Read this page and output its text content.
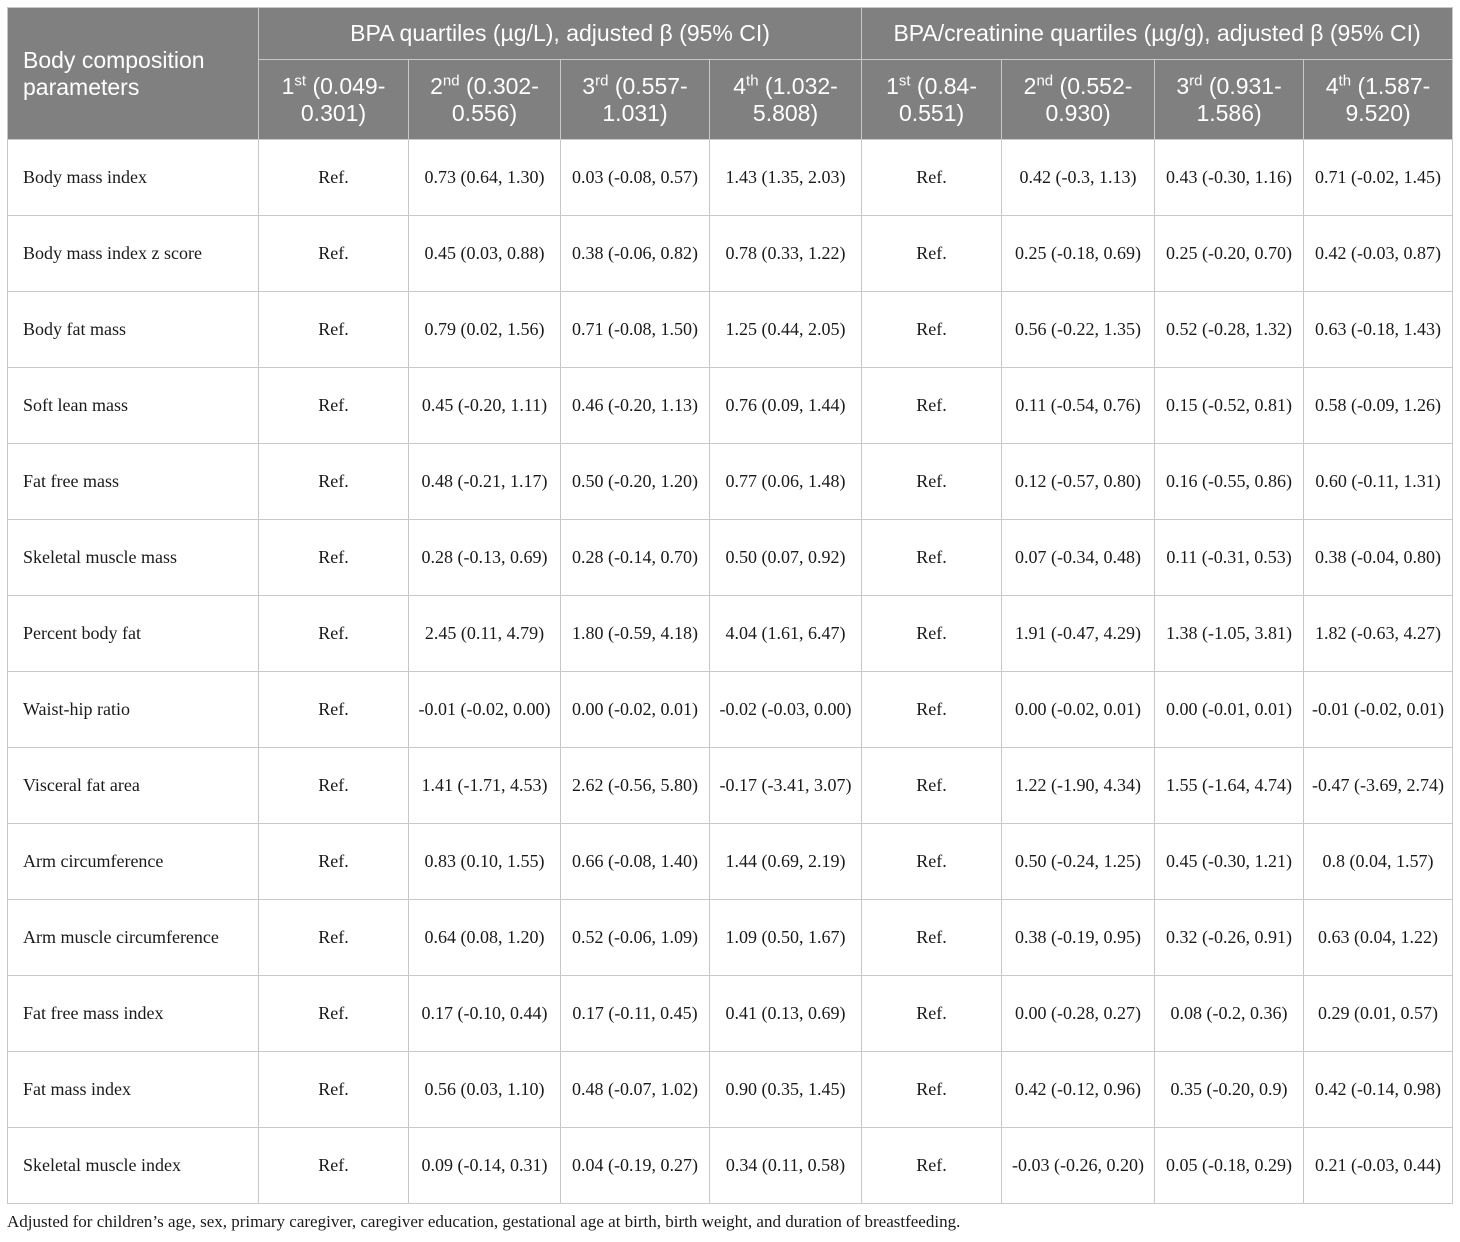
Body composition parameters	BPA quartiles (µg/L), adjusted β (95% CI)				BPA/creatinine quartiles (µg/g), adjusted β (95% CI)			
	1st (0.049-0.301)	2nd (0.302-0.556)	3rd (0.557-1.031)	4th (1.032-5.808)	1st (0.84-0.551)	2nd (0.552-0.930)	3rd (0.931-1.586)	4th (1.587-9.520)
Body mass index	Ref.	0.73 (0.64, 1.30)	0.03 (-0.08, 0.57)	1.43 (1.35, 2.03)	Ref.	0.42 (-0.3, 1.13)	0.43 (-0.30, 1.16)	0.71 (-0.02, 1.45)
Body mass index z score	Ref.	0.45 (0.03, 0.88)	0.38 (-0.06, 0.82)	0.78 (0.33, 1.22)	Ref.	0.25 (-0.18, 0.69)	0.25 (-0.20, 0.70)	0.42 (-0.03, 0.87)
Body fat mass	Ref.	0.79 (0.02, 1.56)	0.71 (-0.08, 1.50)	1.25 (0.44, 2.05)	Ref.	0.56 (-0.22, 1.35)	0.52 (-0.28, 1.32)	0.63 (-0.18, 1.43)
Soft lean mass	Ref.	0.45 (-0.20, 1.11)	0.46 (-0.20, 1.13)	0.76 (0.09, 1.44)	Ref.	0.11 (-0.54, 0.76)	0.15 (-0.52, 0.81)	0.58 (-0.09, 1.26)
Fat free mass	Ref.	0.48 (-0.21, 1.17)	0.50 (-0.20, 1.20)	0.77 (0.06, 1.48)	Ref.	0.12 (-0.57, 0.80)	0.16 (-0.55, 0.86)	0.60 (-0.11, 1.31)
Skeletal muscle mass	Ref.	0.28 (-0.13, 0.69)	0.28 (-0.14, 0.70)	0.50 (0.07, 0.92)	Ref.	0.07 (-0.34, 0.48)	0.11 (-0.31, 0.53)	0.38 (-0.04, 0.80)
Percent body fat	Ref.	2.45 (0.11, 4.79)	1.80 (-0.59, 4.18)	4.04 (1.61, 6.47)	Ref.	1.91 (-0.47, 4.29)	1.38 (-1.05, 3.81)	1.82 (-0.63, 4.27)
Waist-hip ratio	Ref.	-0.01 (-0.02, 0.00)	0.00 (-0.02, 0.01)	-0.02 (-0.03, 0.00)	Ref.	0.00 (-0.02, 0.01)	0.00 (-0.01, 0.01)	-0.01 (-0.02, 0.01)
Visceral fat area	Ref.	1.41 (-1.71, 4.53)	2.62 (-0.56, 5.80)	-0.17 (-3.41, 3.07)	Ref.	1.22 (-1.90, 4.34)	1.55 (-1.64, 4.74)	-0.47 (-3.69, 2.74)
Arm circumference	Ref.	0.83 (0.10, 1.55)	0.66 (-0.08, 1.40)	1.44 (0.69, 2.19)	Ref.	0.50 (-0.24, 1.25)	0.45 (-0.30, 1.21)	0.8 (0.04, 1.57)
Arm muscle circumference	Ref.	0.64 (0.08, 1.20)	0.52 (-0.06, 1.09)	1.09 (0.50, 1.67)	Ref.	0.38 (-0.19, 0.95)	0.32 (-0.26, 0.91)	0.63 (0.04, 1.22)
Fat free mass index	Ref.	0.17 (-0.10, 0.44)	0.17 (-0.11, 0.45)	0.41 (0.13, 0.69)	Ref.	0.00 (-0.28, 0.27)	0.08 (-0.2, 0.36)	0.29 (0.01, 0.57)
Fat mass index	Ref.	0.56 (0.03, 1.10)	0.48 (-0.07, 1.02)	0.90 (0.35, 1.45)	Ref.	0.42 (-0.12, 0.96)	0.35 (-0.20, 0.9)	0.42 (-0.14, 0.98)
Skeletal muscle index	Ref.	0.09 (-0.14, 0.31)	0.04 (-0.19, 0.27)	0.34 (0.11, 0.58)	Ref.	-0.03 (-0.26, 0.20)	0.05 (-0.18, 0.29)	0.21 (-0.03, 0.44)

Adjusted for children’s age, sex, primary caregiver, caregiver education, gestational age at birth, birth weight, and duration of breastfeeding.
